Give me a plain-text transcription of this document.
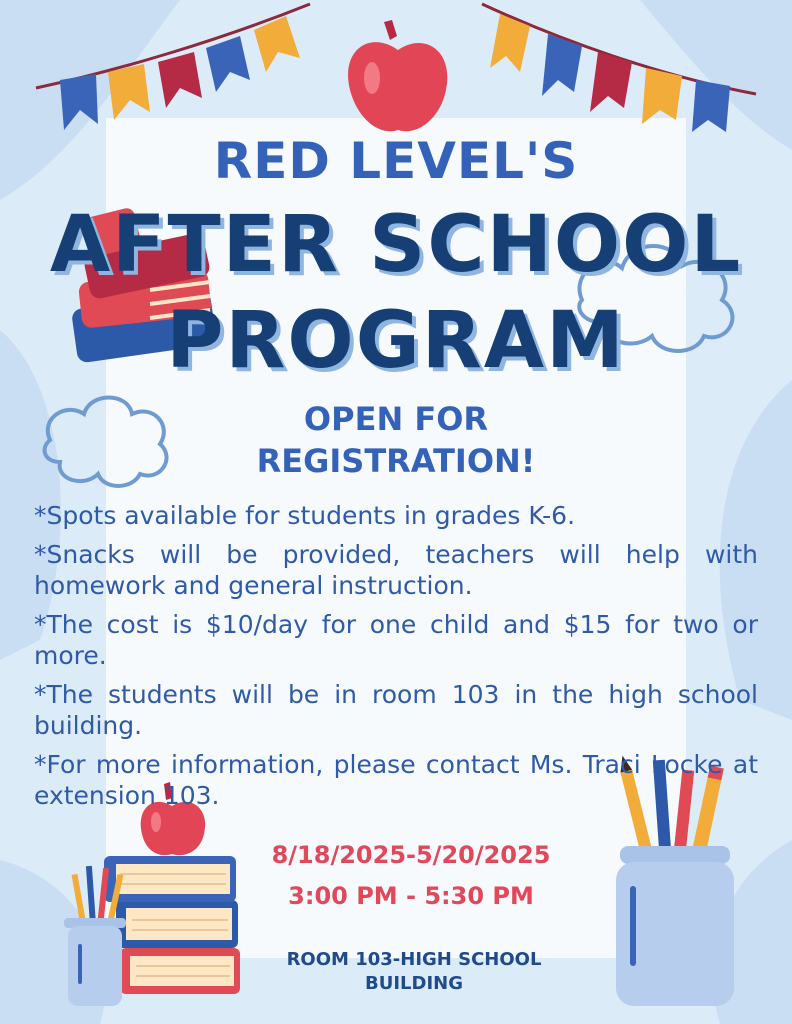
RED LEVEL'S
AFTER SCHOOL
PROGRAM
OPEN FOR
REGISTRATION!
*Spots available for students in grades K-6.
*Snacks will be provided, teachers will help with homework and general instruction.
*The cost is $10/day for one child and $15 for two or more.
*The students will be in room 103 in the high school building.
*For more information, please contact Ms. Traci Locke at extension 103.
8/18/2025-5/20/2025
3:00 PM - 5:30 PM
ROOM 103-HIGH SCHOOL BUILDING
